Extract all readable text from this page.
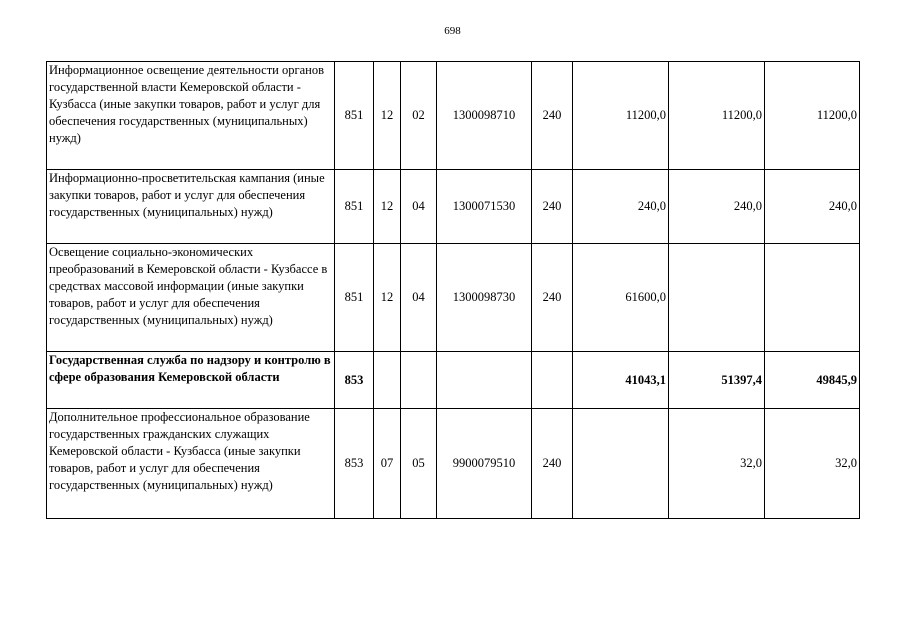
698
Информационное освещение деятельности органов государственной власти Кемеровской области - Кузбасса (иные закупки товаров, работ и услуг для обеспечения государственных (муниципальных) нужд)	851	12	02	1300098710	240	11200,0	11200,0	11200,0
Информационно-просветительская кампания (иные закупки товаров, работ и услуг для обеспечения государственных (муниципальных) нужд)	851	12	04	1300071530	240	240,0	240,0	240,0
Освещение социально-экономических преобразований в Кемеровской области - Кузбассе в средствах массовой информации (иные закупки товаров, работ и услуг для обеспечения государственных (муниципальных) нужд)	851	12	04	1300098730	240	61600,0		
Государственная служба по надзору и контролю в сфере образования Кемеровской области	853					41043,1	51397,4	49845,9
Дополнительное профессиональное образование государственных гражданских служащих Кемеровской области - Кузбасса (иные закупки товаров, работ и услуг для обеспечения государственных (муниципальных) нужд)	853	07	05	9900079510	240		32,0	32,0
